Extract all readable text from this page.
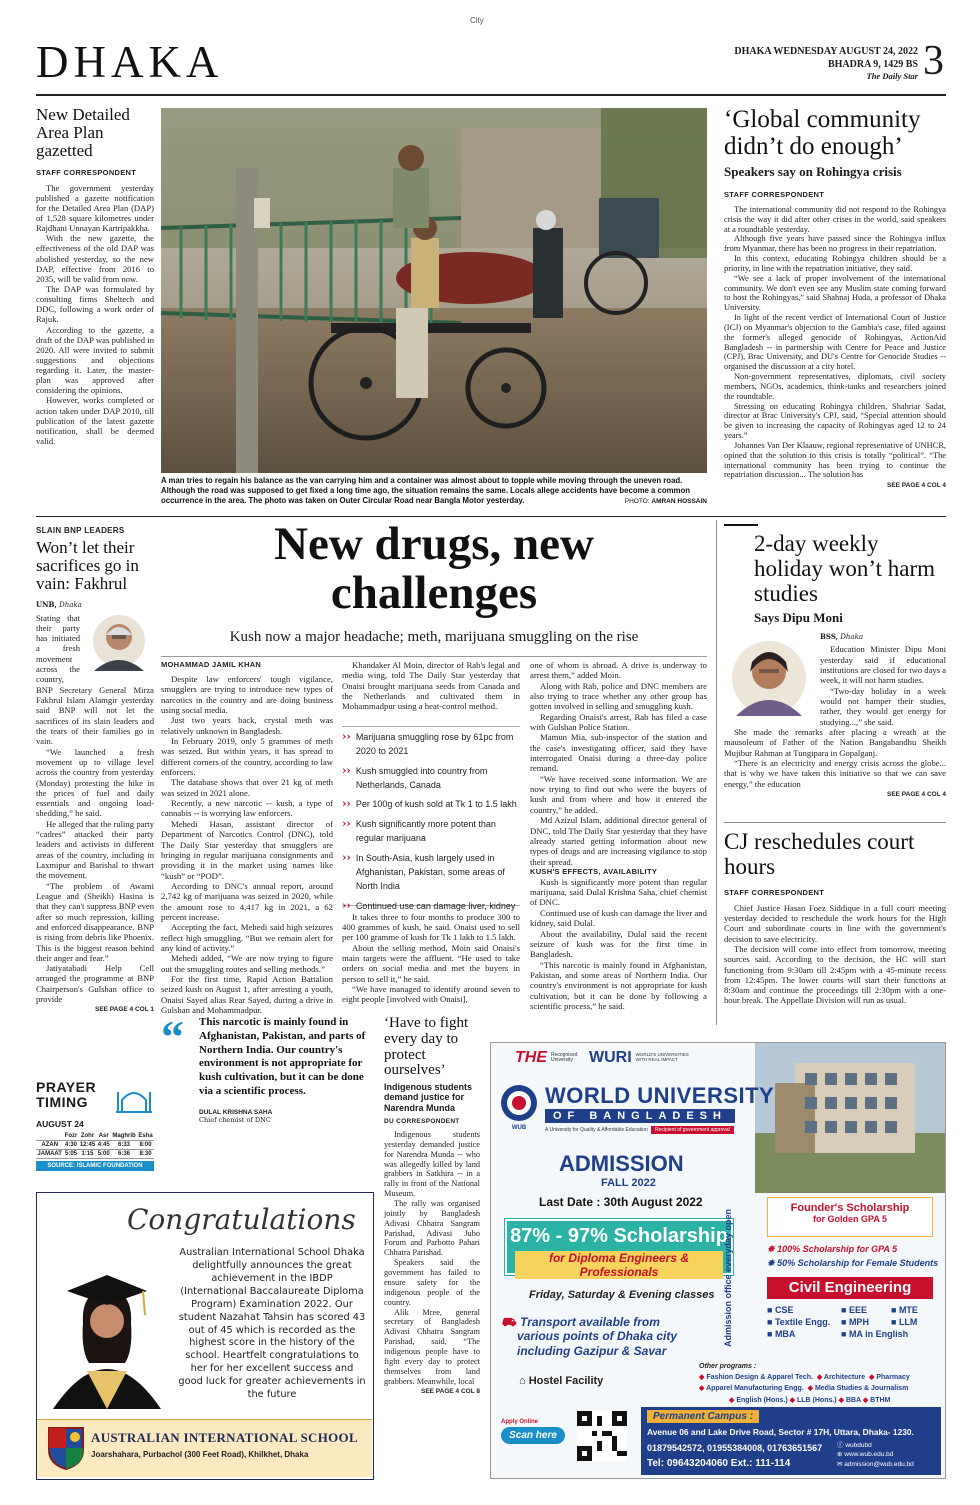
City
DHAKA	DHAKA WEDNESDAY AUGUST 24, 2022
BHADRA 9, 1429 BS
The Daily Star 3
New Detailed Area Plan gazetted
STAFF CORRESPONDENT

The government yesterday published a gazette notification for the Detailed Area Plan (DAP) of 1,528 square kilometres under Rajdhani Unnayan Kartripakkha.

With the new gazette, the effectiveness of the old DAP was abolished yesterday, so the new DAP, effective from 2016 to 2035, will be valid from now.

The DAP was formulated by consulting firms Sheltech and DDC, following a work order of Rajuk.

According to the gazette, a draft of the DAP was published in 2020. All were invited to submit suggestions and objections regarding it. Later, the master-plan was approved after considering the opinions.

However, works completed or action taken under DAP 2010, till publication of the latest gazette notification, shall be deemed valid.

A man tries to regain his balance as the van carrying him and a container was almost about to topple while moving through the uneven road. Although the road was supposed to get fixed a long time ago, the situation remains the same. Locals allege accidents have become a common occurrence in the area. The photo was taken on Outer Circular Road near Bangla Motor yesterday.	PHOTO: AMRAN HOSSAIN
‘Global community didn’t do enough’
Speakers say on Rohingya crisis
STAFF CORRESPONDENT

The international community did not respond to the Rohingya crisis the way it did after other crises in the world, said speakers at a roundtable yesterday.

Although five years have passed since the Rohingya influx from Myanmar, there has been no progress in their repatriation.

In this context, educating Rohingya children should be a priority, in line with the repatriation initiative, they said.

“We see a lack of proper involvement of the international community. We don't even see any Muslim state coming forward to host the Rohingyas,” said Shahnaj Huda, a professor of Dhaka University.

In light of the recent verdict of International Court of Justice (ICJ) on Myanmar's objection to the Gambia's case, filed against the former's alleged genocide of Rohingyas, ActionAid Bangladesh -- in partnership with Centre for Peace and Justice (CPJ), Brac University, and DU's Centre for Genocide Studies -- organised the discussion at a city hotel.

Non-government representatives, diplomats, civil society members, NGOs, academics, think-tanks and researchers joined the roundtable.

Stressing on educating Rohingya children, Shahriar Sadat, director at Brac University's CPJ, said, “Special attention should be given to increasing the capacity of Rohingyas aged 12 to 24 years.”

Johannes Van Der Klaauw, regional representative of UNHCR, opined that the solution to this crisis is totally “political”. “The international community has been trying to continue the repatriation discussion... The solution has

SEE PAGE 4 COL 4
SLAIN BNP LEADERS
Won’t let their sacrifices go in vain: Fakhrul
UNB, Dhaka
Stating that their party has initiated a fresh movement across the country, BNP Secretary General Mirza Fakhrul Islam Alamgir yesterday said BNP will not let the sacrifices of its slain leaders and the tears of their families go in vain.

“We launched a fresh movement up to village level across the country from yesterday (Monday) protesting the hike in the prices of fuel and daily essentials and ongoing load-shedding,” he said.

He alleged that the ruling party “cadres” attacked their party leaders and activists in different areas of the country, including in Laxmipur and Barishal to thwart the movement.

“The problem of Awami League and (Sheikh) Hasina is that they can't suppress BNP even after so much repression, killing and enforced disappearance. BNP is rising from debris like Phoenix. This is the biggest reason behind their anger and fear.”

Jatiyatabadi Help Cell arranged the programme at BNP Chairperson's Gulshan office to provide

SEE PAGE 4 COL 1
New drugs, new
challenges
Kush now a major headache; meth, marijuana smuggling on the rise
MOHAMMAD JAMIL KHAN

Despite law enforcers' tough vigilance, smugglers are trying to introduce new types of narcotics in the country and are doing business using social media.

Just two years back, crystal meth was relatively unknown in Bangladesh.

In February 2019, only 5 grammes of meth was seized. But within years, it has spread to different corners of the country, according to law enforcers.

The database shows that over 21 kg of meth was seized in 2021 alone.

Recently, a new narcotic -- kush, a type of cannabis -- is worrying law enforcers.

Mehedi Hasan, assistant director of Department of Narcotics Control (DNC), told The Daily Star yesterday that smugglers are bringing in regular marijuana consignments and providing it in the market using names like “kush” or “POD”.

According to DNC's annual report, around 2,742 kg of marijuana was seized in 2020, while the amount rose to 4,417 kg in 2021, a 62 percent increase.

Accepting the fact, Mehedi said high seizures reflect high smuggling. “But we remain alert for any kind of activity.”

Mehedi added, “We are now trying to figure out the smuggling routes and selling methods.”

For the first time, Rapid Action Battalion seized kush on August 1, after arresting a youth, Onaisi Sayed alias Rear Sayed, during a drive in Gulshan and Mohammadpur.

Khandaker Al Moin, director of Rab's legal and media wing, told The Daily Star yesterday that Onaisi brought marijuana seeds from Canada and the Netherlands and cultivated them in Mohammadpur using a heat-control method.

›› Marijuana smuggling rose by 61pc from 2020 to 2021
›› Kush smuggled into country from Netherlands, Canada
›› Per 100g of kush sold at Tk 1 to 1.5 lakh
›› Kush significantly more potent than regular marijuana
›› In South-Asia, kush largely used in Afghanistan, Pakistan, some areas of North India
›› Continued use can damage liver, kidney

It takes three to four months to produce 300 to 400 grammes of kush, he said. Onaisi used to sell per 100 gramme of kush for Tk 1 lakh to 1.5 lakh.

About the selling method, Moin said Onaisi's main targets were the affluent. “He used to take orders on social media and met the buyers in person to sell it,” he said.

“We have managed to identify around seven to eight people [involved with Onaisi],

one of whom is abroad. A drive is underway to arrest them,” added Moin.

Along with Rab, police and DNC members are also trying to trace whether any other group has gotten involved in selling and smuggling kush.

Regarding Onaisi's arrest, Rab has filed a case with Gulshan Police Station.

Mamun Mia, sub-inspector of the station and the case's investigating officer, said they have interrogated Onaisi during a three-day police remand.

“We have received some information. We are now trying to find out who were the buyers of kush and from where and how it entered the country,” he added.

Md Azizul Islam, additional director general of DNC, told The Daily Star yesterday that they have already started getting information about new types of drugs and are increasing vigilance to stop their spread.

KUSH'S EFFECTS, AVAILABILITY

Kush is significantly more potent than regular marijuana, said Dulal Krishna Saha, chief chemist of DNC.

Continued use of kush can damage the liver and kidney, said Dulal.

About the availability, Dulal said the recent seizure of kush was for the first time in Bangladesh.

“This narcotic is mainly found in Afghanistan, Pakistan, and some areas of Northern India. Our country's environment is not appropriate for kush cultivation, but it can be done by following a scientific process,” he said.

“ This narcotic is mainly found in Afghanistan, Pakistan, and parts of Northern India. Our country's environment is not appropriate for kush cultivation, but it can be done via a scientific process.
DULAL KRISHNA SAHA
Chief chemist of DNC
2-day weekly holiday won’t harm studies
Says Dipu Moni
BSS, Dhaka

Education Minister Dipu Moni yesterday said if educational institutions are closed for two days a week, it will not harm studies.

“Two-day holiday in a week would not hamper their studies, rather, they would get energy for studying...,” she said.

She made the remarks after placing a wreath at the mausoleum of Father of the Nation Bangabandhu Sheikh Mujibur Rahman at Tungipara in Gopalganj.

“There is an electricity and energy crisis across the globe... that is why we have taken this initiative so that we can save energy,” the education

SEE PAGE 4 COL 4
CJ reschedules court hours
STAFF CORRESPONDENT

Chief Justice Hasan Foez Siddique in a full court meeting yesterday decided to reschedule the work hours for the High Court and subordinate courts in line with the government's decision to save electricity.

The decision will come into effect from tomorrow, meeting sources said. According to the decision, the HC will start functioning from 9:30am till 2:45pm with a 45-minute recess from 12:45pm. The lower courts will start their functions at 8:30am and continue the proceedings till 2:30pm with a one-hour break. The Appellate Division will run as usual.

PRAYER
TIMING
AUGUST 24
	Fozr	Zohr	Asr	Maghrib	Esha
AZAN	4:30	12:45	4:45	6:33	8:00
JAMAAT	5:05	1:15	5:00	6:36	8:30
SOURCE: ISLAMIC FOUNDATION
‘Have to fight every day to protect ourselves’
Indigenous students demand justice for Narendra Munda
DU CORRESPONDENT

Indigenous students yesterday demanded justice for Narendra Munda -- who was allegedly killed by land grabbers in Satkhira -- in a rally in front of the National Museum.

The rally was organised jointly by Bangladesh Adivasi Chhatra Sangram Parishad, Adivasi Jubo Forum and Parbotto Pahari Chhatra Parishad.

Speakers said the government has failed to ensure safety for the indigenous people of the country.

Alik Mree, general secretary of Bangladesh Adivasi Chhatra Sangram Parishad, said, “The indigenous people have to fight every day to protect themselves from land grabbers. Meanwhile, local

SEE PAGE 4 COL 8
Congratulations
Australian International School Dhaka delightfully announces the great achievement in the IBDP (International Baccalaureate Diploma Program) Examination 2022. Our student Nazahat Tahsin has scored 43 out of 45 which is recorded as the highest score in the history of the school. Heartfelt congratulations to her for her excellent success and good luck for greater achievements in the future
AUSTRALIAN INTERNATIONAL SCHOOL
Joarshahara, Purbachol (300 Feet Road), Khilkhet, Dhaka
THE Recognised University	WURI WORLD'S UNIVERSITIES WITH REAL IMPACT
WUB
WORLD UNIVERSITY
OF BANGLADESH
A University for Quality & Affordable Education	Recipient of government approval
ADMISSION
FALL 2022
Last Date : 30th August 2022
87% - 97% Scholarship
for Diploma Engineers & Professionals	Admission office everyday open
Friday, Saturday & Evening classes
⛟ Transport available from
various points of Dhaka city
including Gazipur & Savar
⌂ Hostel Facility
Founder's Scholarship
for Golden GPA 5
✸ 100% Scholarship for GPA 5
✸ 50% Scholarship for Female Students
Civil Engineering
■ CSE	■ EEE	■ MTE
■ Textile Engg.	■ MPH	■ LLM
■ MBA	■ MA in English
Other programs :
◆ Fashion Design & Apparel Tech. ◆ Architecture ◆ Pharmacy
◆ Apparel Manufacturing Engg. ◆ Media Studies & Journalism
◆ English (Hons.) ◆ LLB (Hons.) ◆ BBA ◆ BTHM
Apply Online
Scan here
Permanent Campus :
Avenue 06 and Lake Drive Road, Sector # 17H, Uttara, Dhaka- 1230.
01879542572, 01955384008, 01763651567
Tel: 09643204060 Ext.: 111-114
ⓕ wubdubd
⊕ www.wub.edu.bd
✉ admission@wub.edu.bd
